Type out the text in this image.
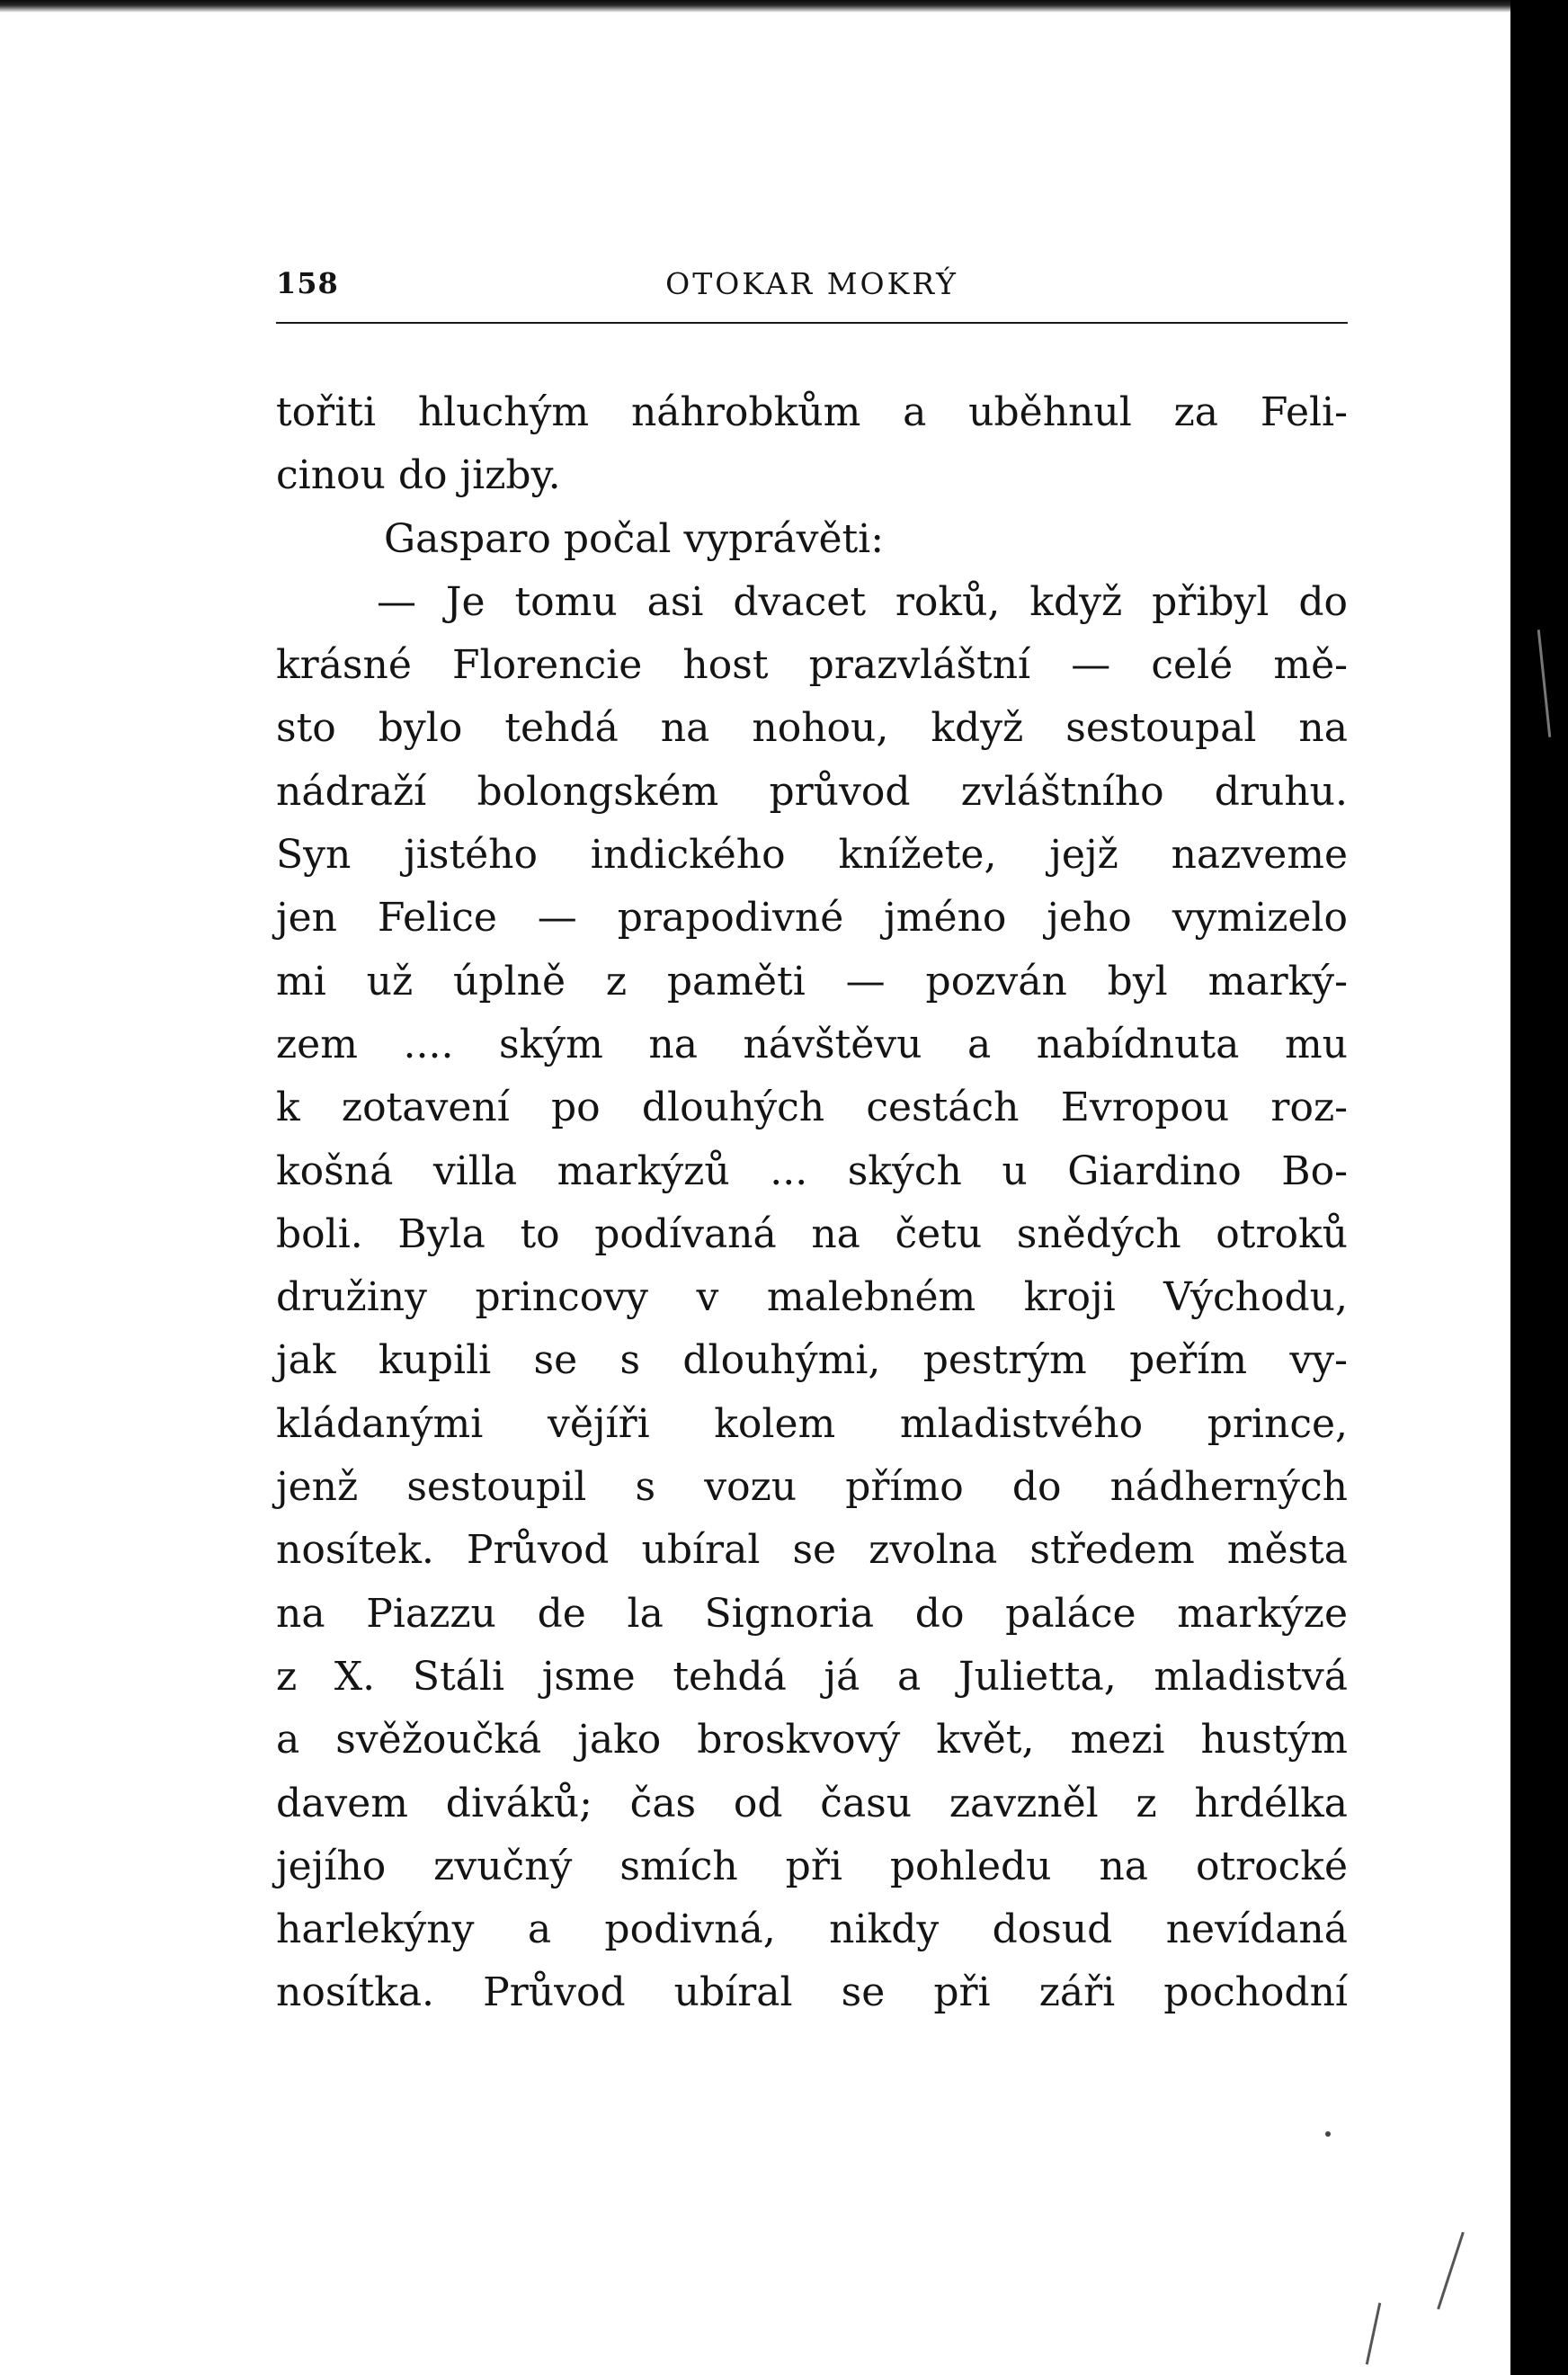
158	OTOKAR MOKRÝ
tořiti hluchým náhrobkům a uběhnul za Feli-
cinou do jizby.
Gasparo počal vyprávěti:
— Je tomu asi dvacet roků, když přibyl do
krásné Florencie host prazvláštní — celé mě-
sto bylo tehdá na nohou, když sestoupal na
nádraží bolongském průvod zvláštního druhu.
Syn jistého indického knížete, jejž nazveme
jen Felice — prapodivné jméno jeho vymizelo
mi už úplně z paměti — pozván byl marký-
zem .... ským na návštěvu a nabídnuta mu
k zotavení po dlouhých cestách Evropou roz-
košná villa markýzů ... ských u Giardino Bo-
boli. Byla to podívaná na četu snědých otroků
družiny princovy v malebném kroji Východu,
jak kupili se s dlouhými, pestrým peřím vy-
kládanými vějíři kolem mladistvého prince,
jenž sestoupil s vozu přímo do nádherných
nosítek. Průvod ubíral se zvolna středem města
na Piazzu de la Signoria do paláce markýze
z X. Stáli jsme tehdá já a Julietta, mladistvá
a svěžoučká jako broskvový květ, mezi hustým
davem diváků; čas od času zavzněl z hrdélka
jejího zvučný smích při pohledu na otrocké
harlekýny a podivná, nikdy dosud nevídaná
nosítka. Průvod ubíral se při záři pochodní
